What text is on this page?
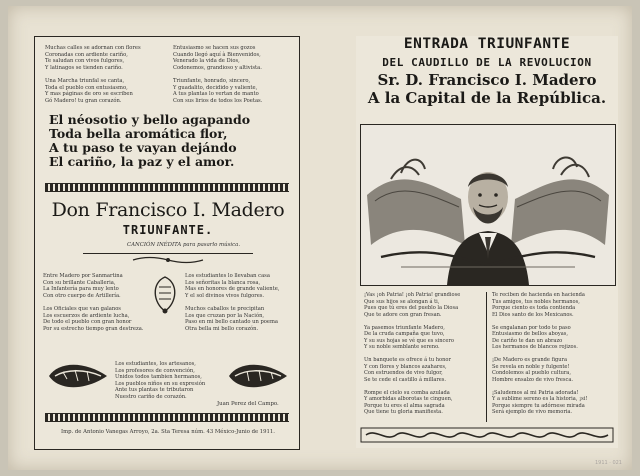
Muchas calles se adornan con flores
Coronadas con ardiente cariño,
Te saludan con vivos fulgores,
Y latinagos se tienden cariño.

Una Marcha triunfal se canta,
Toda el pueblo con entusiasmo,
Y mas páginas de oro se escriben
Gó Madero! tu gran corazón.
Entusiasmo se hacen sus gozos
Cuando llegó aquí à Bienvenidos,
Venerado la vida de Dios,
Codonemos, grandioso y altivista.

Triunfante, honrado, sincero,
Y guadalito, decidido y valiente,
A tus plantas lo vertan de manto
Con sus lirios de todos los Poetas.
El néosotio y bello agapando
Toda bella aromática flor,
A tu paso te vayan dejándo
El cariño, la paz y el amor.
Don Francisco I. Madero
TRIUNFANTE.
CANCIÓN INÉDITA para pasarlo música.
Entre Madero por Sanmartina
Con su brillante Caballeria,
La Infantería para muy lento
Con otro cuerpo de Artillería.

Los Oficiales que van galanos
Los escuerzos de ardiente lucha,
De todo el pueblo con gran honor
Por su estrecho tiempo gran destreza.
Los estudiantes lo llevaban casa
Los señoritas la blanca rosa,
Mas en honores de grande valiente,
Y el sol divinos vivos fulgores.

Muchos caballos te precipitan
Los que cruzan por la Nación,
Paso en mi bello cantado un poema
Otra bella mi bello corazón.
Los estudiantes, los artesanos,
Los profesores de convención,
Unidos todos tambien hermanos,
Los pueblos niños en su expresión
Ante tus plantas te tributaron
Nuestro cariño de corazón.
Juan Perez del Campo.
Imp. de Antonio Vanegas Arroyo, 2a. Sta Teresa núm. 43 México-Junio de 1911.
ENTRADA TRIUNFANTE
DEL CAUDILLO DE LA REVOLUCION
Sr. D. Francisco I. Madero
A la Capital de la República.
¡Vas ¡oh Patria! ¡oh Patria! grandiose
Que sus hijos se alongan á ti,
Pues que tú eres del pueblo la Diosa
Que te adore con gran fresan.

Ya pasemos triunfante Madero,
De la cruda campaña que tuvo,
Y su sus hojas se vé que es sincero
Y su noble semblante sereno.

Un banquete es ofrece á tu honor
Y con flores y blancos azahares,
Con estruendos de vivo fulgor,
Se te cede el castillo á millares.

Rompe el cielo su comba azulada
Y amorbidas alborotas te cinguen,
Porque tu eres el alma sagrada
Que tiene tu gloria manifiesta.
Te reciben de hacienda en hacienda
Tus amigos, tus nobles hermanos,
Porque ciento es toda contienda
El Dios santo de los Mexicanos.

Se engalanan por todo te paso
Entusiasmo de bellos aboyas,
De cariño te dan un abrazo
Los hermanos de blancos rojizos.

¡De Madero es grande figura
Se revela en noble y fulgente!
Condolemos al pueblo cultura,
Hombre ensalzo de vivo fresca.

¡Saludemos al mi Patria adorada!
Y a sublime sereno es la historia, ¡si!
Porque siempre tu adórnese mirada
Será ejemplo de vivo memoria.
1911 · 021
